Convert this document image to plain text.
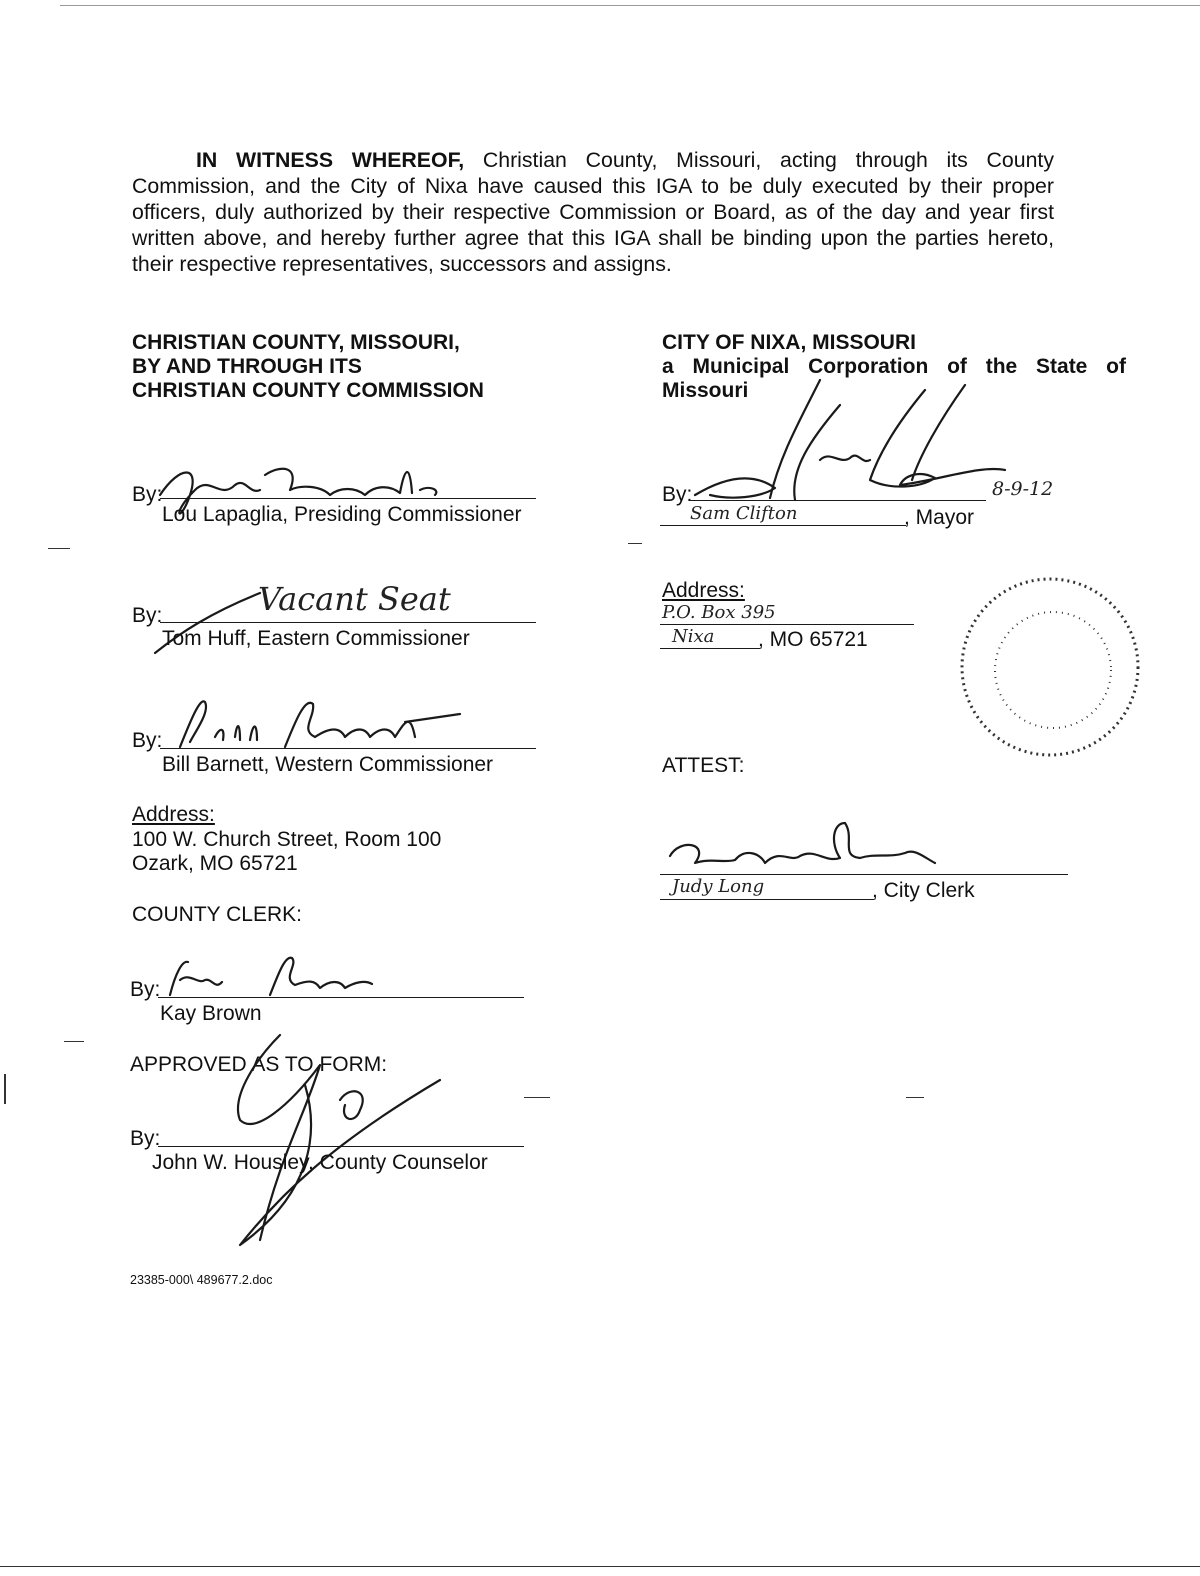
IN WITNESS WHEREOF, Christian County, Missouri, acting through its County Commission, and the City of Nixa have caused this IGA to be duly executed by their proper officers, duly authorized by their respective Commission or Board, as of the day and year first written above, and hereby further agree that this IGA shall be binding upon the parties hereto, their respective representatives, successors and assigns.
CHRISTIAN COUNTY, MISSOURI,
BY AND THROUGH ITS
CHRISTIAN COUNTY COMMISSION
By:
Lou Lapaglia, Presiding Commissioner
By:	Vacant Seat
Tom Huff, Eastern Commissioner
By:
Bill Barnett, Western Commissioner
Address:
100 W. Church Street, Room 100
Ozark, MO 65721
COUNTY CLERK:
By:
Kay Brown
APPROVED AS TO FORM:
By:
John W. Housley, County Counselor
23385-000\ 489677.2.doc
CITY OF NIXA, MISSOURI
a Municipal Corporation of the State of
Missouri
By:	8-9-12
Sam Clifton	, Mayor
Address:
P.O. Box 395
Nixa , MO 65721
ATTEST:
Judy Long	, City Clerk
